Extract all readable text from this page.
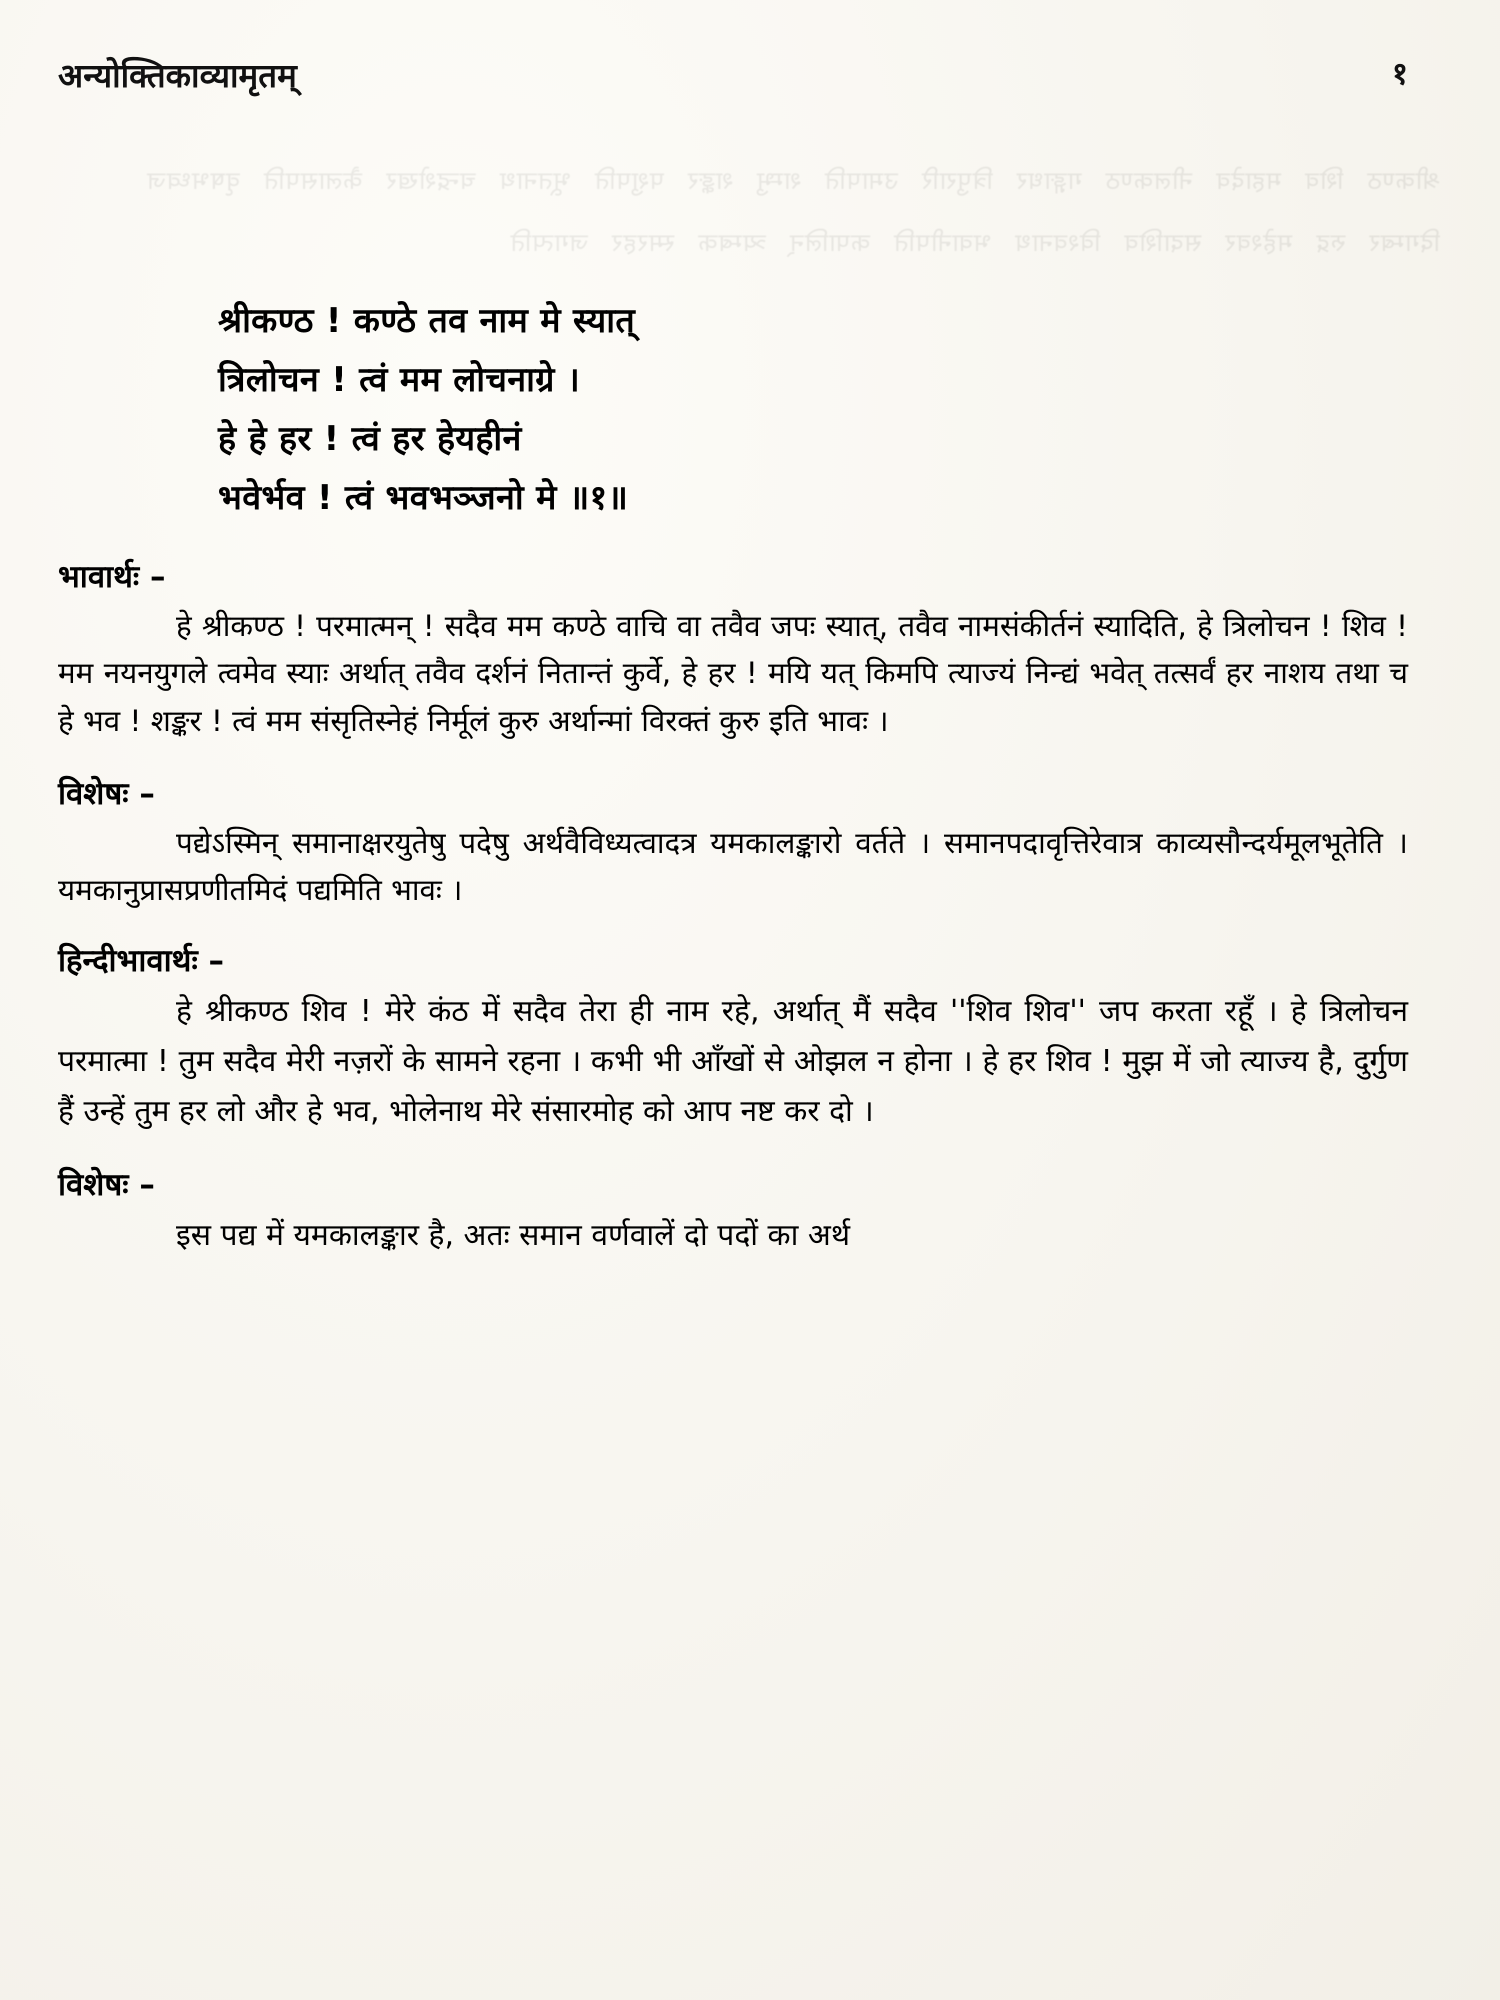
श्रीकण्ठ शिव महादेव नीलकण्ठ गङ्गाधर त्रिपुरारि उमापति शम्भु शङ्कर पशुपति भूतनाथ चन्द्रशेखर कैलासपति वृषभध्वज दिगम्बर रुद्र महेश्वर सदाशिव विश्वनाथ भवानीपति कपालिन् त्र्यम्बक स्मरहर जगत्पति
अन्योक्तिकाव्यामृतम्	१
श्रीकण्ठ ! कण्ठे तव नाम मे स्यात्
त्रिलोचन ! त्वं मम लोचनाग्रे ।
हे हे हर ! त्वं हर हेयहीनं
भवेर्भव ! त्वं भवभञ्जनो मे ॥१॥
भावार्थः –

हे श्रीकण्ठ ! परमात्मन् ! सदैव मम कण्ठे वाचि वा तवैव जपः स्यात्, तवैव नामसंकीर्तनं स्यादिति, हे त्रिलोचन ! शिव ! मम नयनयुगले त्वमेव स्याः अर्थात् तवैव दर्शनं नितान्तं कुर्वे, हे हर ! मयि यत् किमपि त्याज्यं निन्द्यं भवेत् तत्सर्वं हर नाशय तथा च हे भव ! शङ्कर ! त्वं मम संसृतिस्नेहं निर्मूलं कुरु अर्थान्मां विरक्तं कुरु इति भावः ।

विशेषः –

पद्येऽस्मिन् समानाक्षरयुतेषु पदेषु अर्थवैविध्यत्वादत्र यमकालङ्कारो वर्तते । समानपदावृत्तिरेवात्र काव्यसौन्दर्यमूलभूतेति । यमकानुप्रासप्रणीतमिदं पद्यमिति भावः ।

हिन्दीभावार्थः –

हे श्रीकण्ठ शिव ! मेरे कंठ में सदैव तेरा ही नाम रहे, अर्थात् मैं सदैव ''शिव शिव'' जप करता रहूँ । हे त्रिलोचन परमात्मा ! तुम सदैव मेरी नज़रों के सामने रहना । कभी भी आँखों से ओझल न होना । हे हर शिव ! मुझ में जो त्याज्य है, दुर्गुण हैं उन्हें तुम हर लो और हे भव, भोलेनाथ मेरे संसारमोह को आप नष्ट कर दो ।

विशेषः –

इस पद्य में यमकालङ्कार है, अतः समान वर्णवालें दो पदों का अर्थ
